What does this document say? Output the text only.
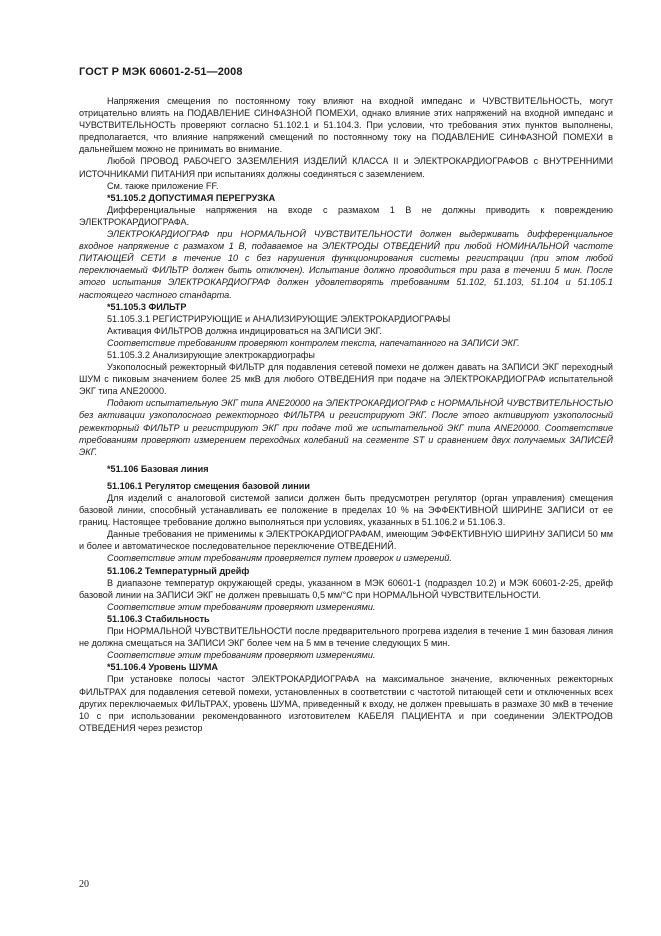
ГОСТ Р МЭК 60601-2-51—2008

Напряжения смещения по постоянному току влияют на входной импеданс и ЧУВСТВИТЕЛЬНОСТЬ, могут отрицательно влиять на ПОДАВЛЕНИЕ СИНФАЗНОЙ ПОМЕХИ, однако влияние этих напряжений на входной импеданс и ЧУВСТВИТЕЛЬНОСТЬ проверяют согласно 51.102.1 и 51.104.3. При условии, что требования этих пунктов выполнены, предполагается, что влияние напряжений смещений по постоянному току на ПОДАВЛЕНИЕ СИНФАЗНОЙ ПОМЕХИ в дальнейшем можно не принимать во внимание.

Любой ПРОВОД РАБОЧЕГО ЗАЗЕМЛЕНИЯ ИЗДЕЛИЙ КЛАССА II и ЭЛЕКТРОКАРДИОГРАФОВ с ВНУТРЕННИМИ ИСТОЧНИКАМИ ПИТАНИЯ при испытаниях должны соединяться с заземлением.

См. также приложение FF.

*51.105.2 ДОПУСТИМАЯ ПЕРЕГРУЗКА

Дифференциальные напряжения на входе с размахом 1 В не должны приводить к повреждению ЭЛЕКТРОКАРДИОГРАФА.

ЭЛЕКТРОКАРДИОГРАФ при НОРМАЛЬНОЙ ЧУВСТВИТЕЛЬНОСТИ должен выдерживать дифференциальное входное напряжение с размахом 1 В, подаваемое на ЭЛЕКТРОДЫ ОТВЕДЕНИЙ при любой НОМИНАЛЬНОЙ частоте ПИТАЮЩЕЙ СЕТИ в течение 10 с без нарушения функционирования системы регистрации (при этом любой переключаемый ФИЛЬТР должен быть отключен). Испытание должно проводиться три раза в течении 5 мин. После этого испытания ЭЛЕКТРОКАРДИОГРАФ должен удовлетворять требованиям 51.102, 51.103, 51.104 и 51.105.1 настоящего частного стандарта.

*51.105.3 ФИЛЬТР

51.105.3.1 РЕГИСТРИРУЮЩИЕ и АНАЛИЗИРУЮЩИЕ ЭЛЕКТРОКАРДИОГРАФЫ

Активация ФИЛЬТРОВ должна индицироваться на ЗАПИСИ ЭКГ.

Соответствие требованиям проверяют контролем текста, напечатанного на ЗАПИСИ ЭКГ.

51.105.3.2 Анализирующие электрокардиографы

Узкополосный режекторный ФИЛЬТР для подавления сетевой помехи не должен давать на ЗАПИСИ ЭКГ переходный ШУМ с пиковым значением более 25 мкВ для любого ОТВЕДЕНИЯ при подаче на ЭЛЕКТРОКАРДИОГРАФ испытательной ЭКГ типа ANE20000.

Подают испытательную ЭКГ типа ANE20000 на ЭЛЕКТРОКАРДИОГРАФ с НОРМАЛЬНОЙ ЧУВСТВИТЕЛЬНОСТЬЮ без активации узкополосного режекторного ФИЛЬТРА и регистрируют ЭКГ. После этого активируют узкополосный режекторный ФИЛЬТР и регистрируют ЭКГ при подаче той же испытательной ЭКГ типа ANE20000. Соответствие требованиям проверяют измерением переходных колебаний на сегменте ST и сравнением двух получаемых ЗАПИСЕЙ ЭКГ.

*51.106 Базовая линия

51.106.1 Регулятор смещения базовой линии

Для изделий с аналоговой системой записи должен быть предусмотрен регулятор (орган управления) смещения базовой линии, способный устанавливать ее положение в пределах 10 % на ЭФФЕКТИВНОЙ ШИРИНЕ ЗАПИСИ от ее границ. Настоящее требование должно выполняться при условиях, указанных в 51.106.2 и 51.106.3.

Данные требования не применимы к ЭЛЕКТРОКАРДИОГРАФАМ, имеющим ЭФФЕКТИВНУЮ ШИРИНУ ЗАПИСИ 50 мм и более и автоматическое последовательное переключение ОТВЕДЕНИЙ.

Соответствие этим требованиям проверяется путем проверок и измерений.

51.106.2 Температурный дрейф

В диапазоне температур окружающей среды, указанном в МЭК 60601-1 (подраздел 10.2) и МЭК 60601-2-25, дрейф базовой линии на ЗАПИСИ ЭКГ не должен превышать 0,5 мм/°C при НОРМАЛЬНОЙ ЧУВСТВИТЕЛЬНОСТИ.

Соответствие этим требованиям проверяют измерениями.

51.106.3 Стабильность

При НОРМАЛЬНОЙ ЧУВСТВИТЕЛЬНОСТИ после предварительного прогрева изделия в течение 1 мин базовая линия не должна смещаться на ЗАПИСИ ЭКГ более чем на 5 мм в течение следующих 5 мин.

Соответствие этим требованиям проверяют измерениями.

*51.106.4 Уровень ШУМА

При установке полосы частот ЭЛЕКТРОКАРДИОГРАФА на максимальное значение, включенных режекторных ФИЛЬТРАХ для подавления сетевой помехи, установленных в соответствии с частотой питающей сети и отключенных всех других переключаемых ФИЛЬТРАХ, уровень ШУМА, приведенный к входу, не должен превышать в размахе 30 мкВ в течение 10 с при использовании рекомендованного изготовителем КАБЕЛЯ ПАЦИЕНТА и при соединении ЭЛЕКТРОДОВ ОТВЕДЕНИЯ через резистор

20
